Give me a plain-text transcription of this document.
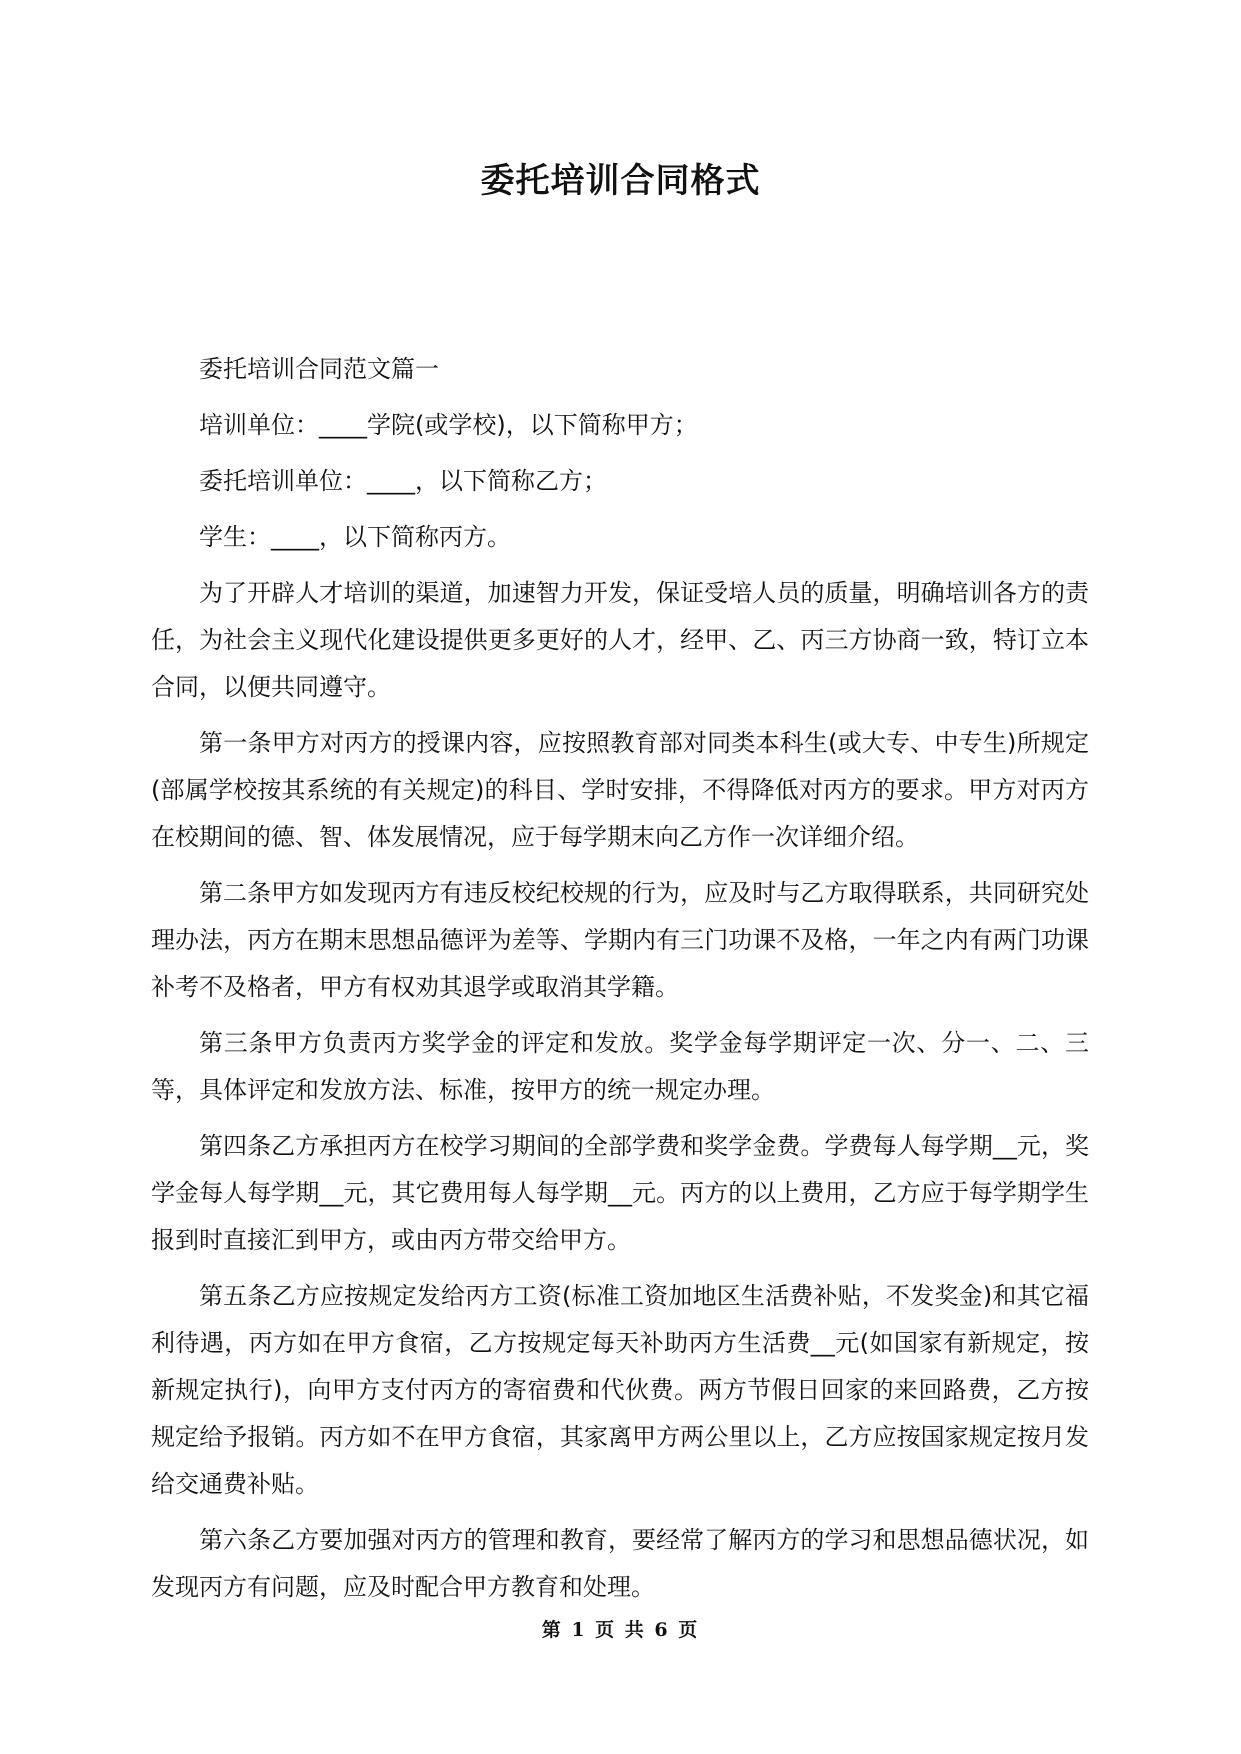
委托培训合同格式

委托培训合同范文篇一

培训单位：____学院(或学校)，以下简称甲方；

委托培训单位：____，以下简称乙方；

学生：____，以下简称丙方。

为了开辟人才培训的渠道，加速智力开发，保证受培人员的质量，明确培训各方的责任，为社会主义现代化建设提供更多更好的人才，经甲、乙、丙三方协商一致，特订立本合同，以便共同遵守。

第一条甲方对丙方的授课内容，应按照教育部对同类本科生(或大专、中专生)所规定(部属学校按其系统的有关规定)的科目、学时安排，不得降低对丙方的要求。甲方对丙方在校期间的德、智、体发展情况，应于每学期末向乙方作一次详细介绍。

第二条甲方如发现丙方有违反校纪校规的行为，应及时与乙方取得联系，共同研究处理办法，丙方在期末思想品德评为差等、学期内有三门功课不及格，一年之内有两门功课补考不及格者，甲方有权劝其退学或取消其学籍。

第三条甲方负责丙方奖学金的评定和发放。奖学金每学期评定一次、分一、二、三等，具体评定和发放方法、标准，按甲方的统一规定办理。

第四条乙方承担丙方在校学习期间的全部学费和奖学金费。学费每人每学期__元，奖学金每人每学期__元，其它费用每人每学期__元。丙方的以上费用，乙方应于每学期学生报到时直接汇到甲方，或由丙方带交给甲方。

第五条乙方应按规定发给丙方工资(标准工资加地区生活费补贴，不发奖金)和其它福利待遇，丙方如在甲方食宿，乙方按规定每天补助丙方生活费__元(如国家有新规定，按新规定执行)，向甲方支付丙方的寄宿费和代伙费。两方节假日回家的来回路费，乙方按规定给予报销。丙方如不在甲方食宿，其家离甲方两公里以上，乙方应按国家规定按月发给交通费补贴。

第六条乙方要加强对丙方的管理和教育，要经常了解丙方的学习和思想品德状况，如发现丙方有问题，应及时配合甲方教育和处理。

第 1 页 共 6 页
